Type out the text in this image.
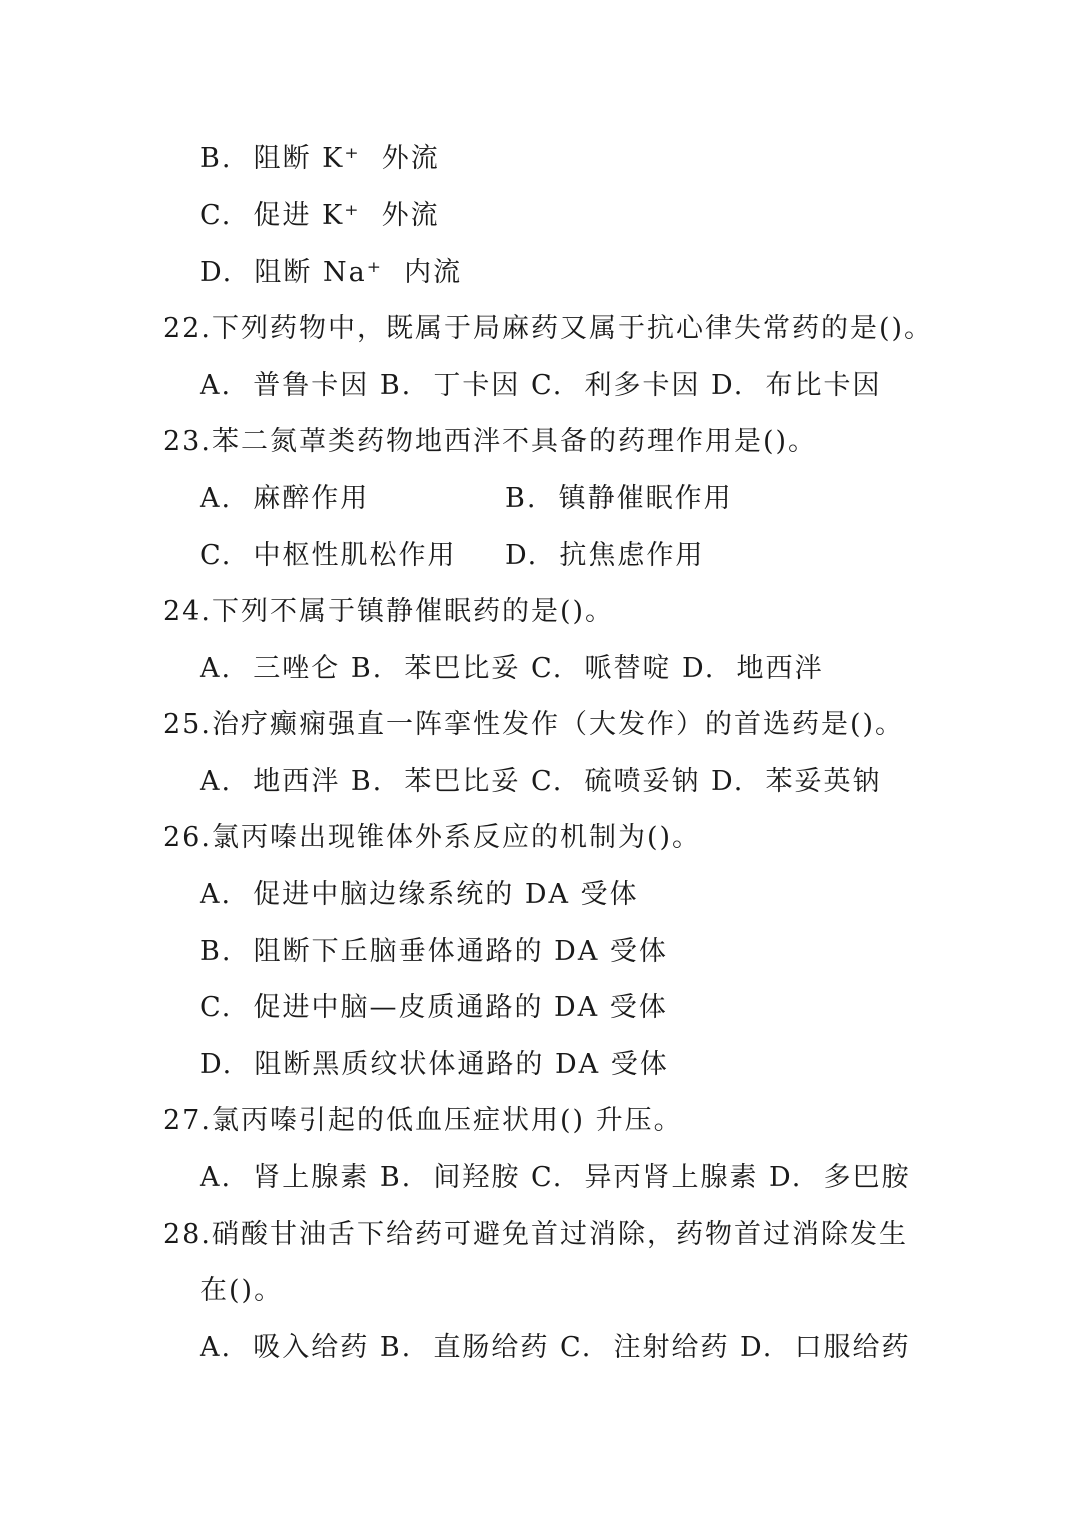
B.  阻断 K⁺  外流
C.  促进 K⁺  外流
D.  阻断 Na⁺  内流
22.下列药物中，既属于局麻药又属于抗心律失常药的是()。
A.  普鲁卡因 B.  丁卡因 C.  利多卡因 D.  布比卡因
23.苯二氮䓬类药物地西泮不具备的药理作用是()。
A.  麻醉作用	B.  镇静催眠作用
C.  中枢性肌松作用 D.  抗焦虑作用
24.下列不属于镇静催眠药的是()。
A.  三唑仑 B.  苯巴比妥 C.  哌替啶 D.  地西泮
25.治疗癫痫强直一阵挛性发作（大发作）的首选药是()。
A.  地西泮 B.  苯巴比妥 C.  硫喷妥钠 D.  苯妥英钠
26.氯丙嗪出现锥体外系反应的机制为()。
A.  促进中脑边缘系统的 DA 受体
B.  阻断下丘脑垂体通路的 DA 受体
C.  促进中脑—皮质通路的 DA 受体
D.  阻断黑质纹状体通路的 DA 受体
27.氯丙嗪引起的低血压症状用() 升压。
A.  肾上腺素 B.  间羟胺 C.  异丙肾上腺素 D.  多巴胺
28.硝酸甘油舌下给药可避免首过消除，药物首过消除发生
在()。
A.  吸入给药 B.  直肠给药 C.  注射给药 D.  口服给药
